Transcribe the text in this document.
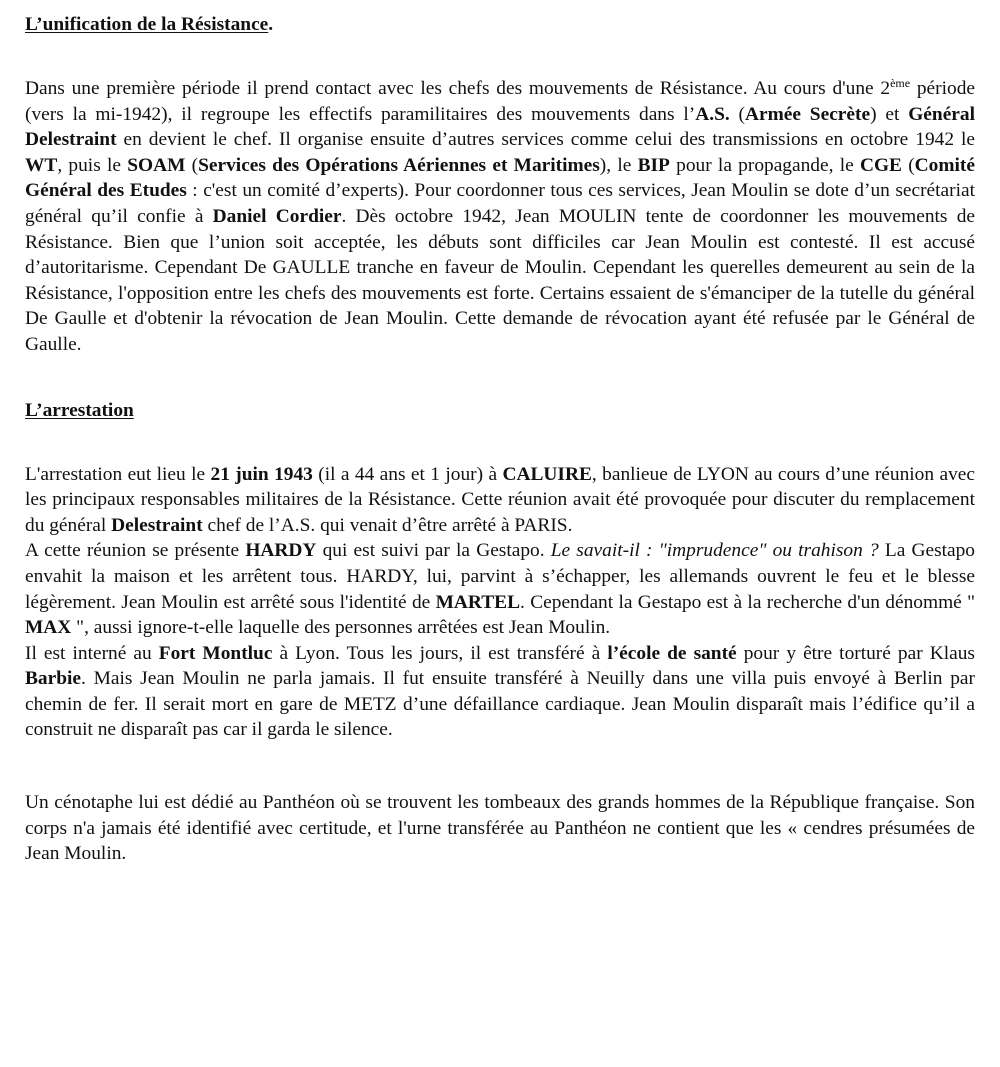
L’unification de la Résistance.

Dans une première période il prend contact avec les chefs des mouvements de Résistance. Au cours d'une 2ème période (vers la mi-1942), il regroupe les effectifs paramilitaires des mouvements dans l’A.S. (Armée Secrète) et Général Delestraint en devient le chef. Il organise ensuite d’autres services comme celui des transmissions en octobre 1942 le WT, puis le SOAM (Services des Opérations Aériennes et Maritimes), le BIP pour la propagande, le CGE (Comité Général des Etudes : c'est un comité d’experts). Pour coordonner tous ces services, Jean Moulin se dote d’un secrétariat général qu’il confie à Daniel Cordier. Dès octobre 1942, Jean MOULIN tente de coordonner les mouvements de Résistance. Bien que l’union soit acceptée, les débuts sont difficiles car Jean Moulin est contesté. Il est accusé d’autoritarisme. Cependant De GAULLE tranche en faveur de Moulin. Cependant les querelles demeurent au sein de la Résistance, l'opposition entre les chefs des mouvements est forte. Certains essaient de s'émanciper de la tutelle du général De Gaulle et d'obtenir la révocation de Jean Moulin. Cette demande de révocation ayant été refusée par le Général de Gaulle.

L’arrestation

L'arrestation eut lieu le 21 juin 1943 (il a 44 ans et 1 jour) à CALUIRE, banlieue de LYON au cours d’une réunion avec les principaux responsables militaires de la Résistance. Cette réunion avait été provoquée pour discuter du remplacement du général Delestraint chef de l’A.S. qui venait d’être arrêté à PARIS.

A cette réunion se présente HARDY qui est suivi par la Gestapo. Le savait-il : "imprudence" ou trahison ? La Gestapo envahit la maison et les arrêtent tous. HARDY, lui, parvint à s’échapper, les allemands ouvrent le feu et le blesse légèrement. Jean Moulin est arrêté sous l'identité de MARTEL. Cependant la Gestapo est à la recherche d'un dénommé " MAX ", aussi ignore-t-elle laquelle des personnes arrêtées est Jean Moulin.

Il est interné au Fort Montluc à Lyon. Tous les jours, il est transféré à l’école de santé pour y être torturé par Klaus Barbie. Mais Jean Moulin ne parla jamais. Il fut ensuite transféré à Neuilly dans une villa puis envoyé à Berlin par chemin de fer. Il serait mort en gare de METZ d’une défaillance cardiaque. Jean Moulin disparaît mais l’édifice qu’il a construit ne disparaît pas car il garda le silence.

Un cénotaphe lui est dédié au Panthéon où se trouvent les tombeaux des grands hommes de la République française. Son corps n'a jamais été identifié avec certitude, et l'urne transférée au Panthéon ne contient que les « cendres présumées de Jean Moulin.
